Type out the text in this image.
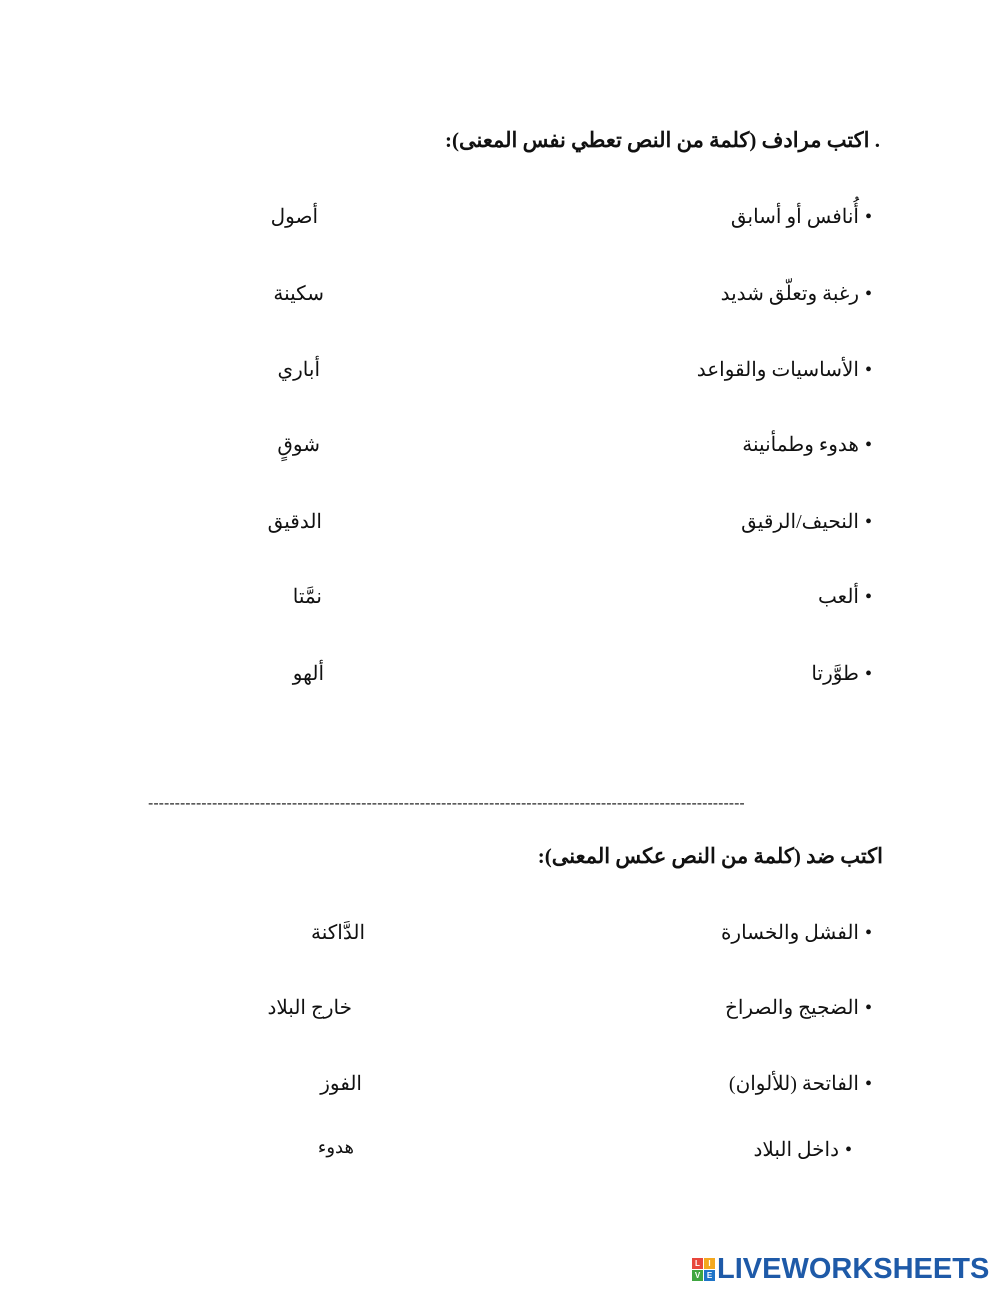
. اكتب مرادف (كلمة من النص تعطي نفس المعنى):
•أُنافس أو أسابق
•رغبة وتعلّق شديد
•الأساسيات والقواعد
•هدوء وطمأنينة
•النحيف/الرقيق
•ألعب
•طوَّرتا
أصول
سكينة
أباري
شوقٍ
الدقيق
نمَّتا
ألهو
----------------------------------------------------------------------------------------------------------------
اكتب ضد (كلمة من النص عكس المعنى):
•الفشل والخسارة
•الضجيج والصراخ
•الفاتحة (للألوان)
•داخل البلاد
الدَّاكنة
خارج البلاد
الفوز
هدوء
L	I
V E LIVEWORKSHEETS
